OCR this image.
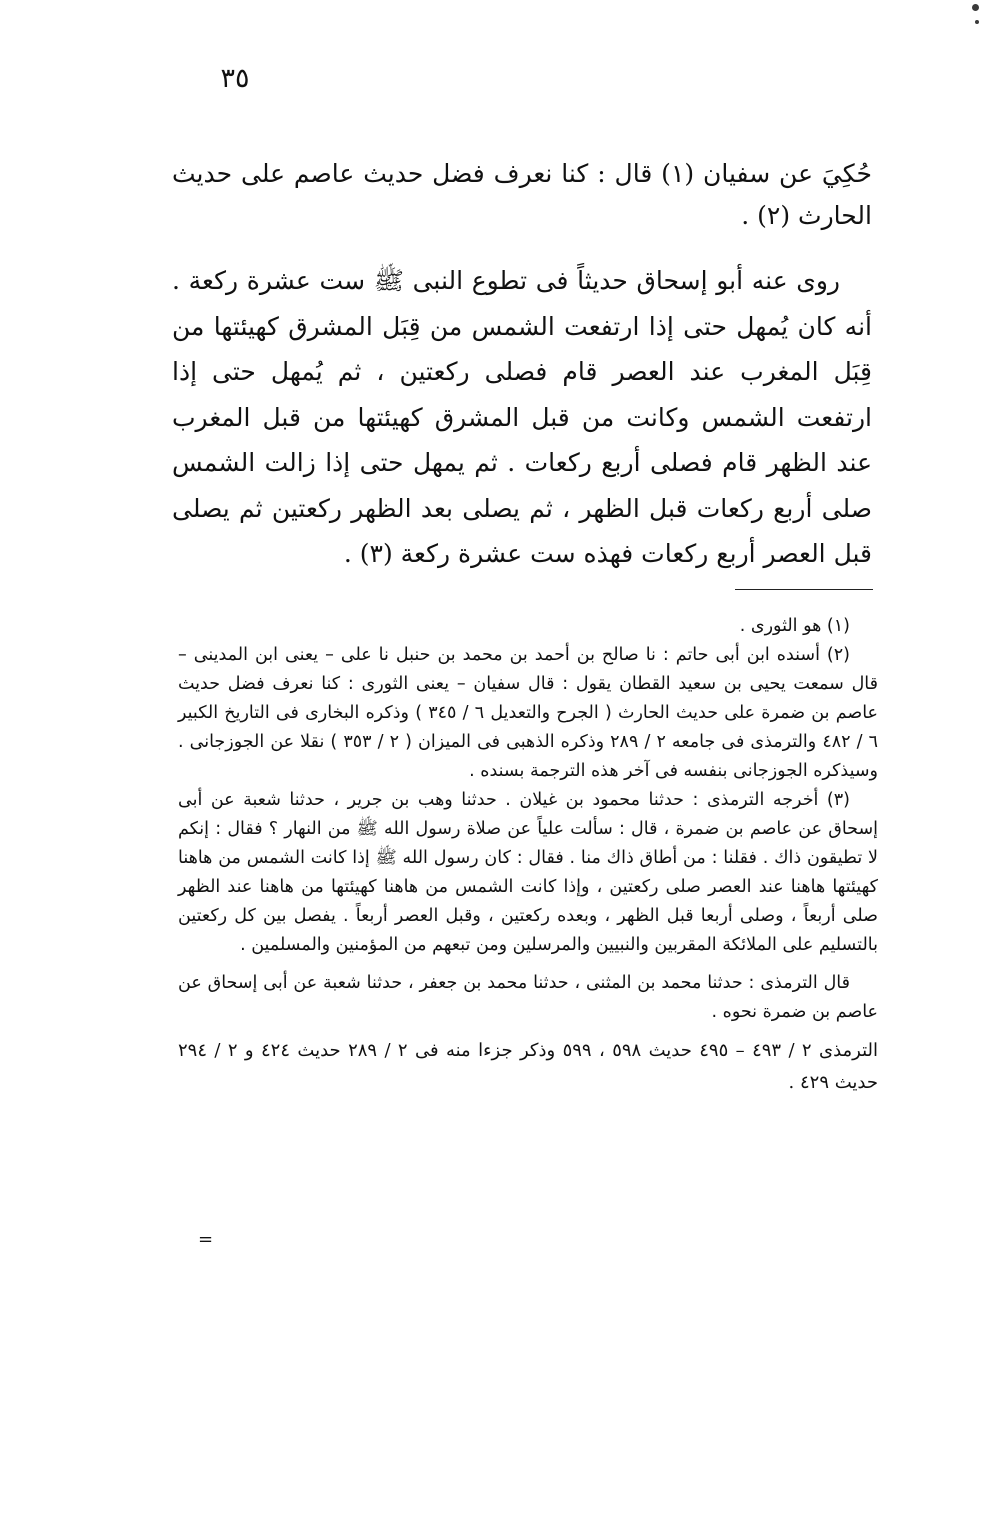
٣٥

حُكِيَ عن سفيان (١) قال : كنا نعرف فضل حديث عاصم على حديث الحارث (٢) .

روى عنه أبو إسحاق حديثاً فى تطوع النبى ﷺ ست عشرة ركعة . أنه كان يُمهل حتى إذا ارتفعت الشمس من قِبَل المشرق كهيئتها من قِبَل المغرب عند العصر قام فصلى ركعتين ، ثم يُمهل حتى إذا ارتفعت الشمس وكانت من قبل المشرق كهيئتها من قبل المغرب عند الظهر قام فصلى أربع ركعات . ثم يمهل حتى إذا زالت الشمس صلى أربع ركعات قبل الظهر ، ثم يصلى بعد الظهر ركعتين ثم يصلى قبل العصر أربع ركعات فهذه ست عشرة ركعة (٣) .

(١) هو الثورى .

(٢) أسنده ابن أبى حاتم : نا صالح بن أحمد بن محمد بن حنبل نا على – يعنى ابن المدينى – قال سمعت يحيى بن سعيد القطان يقول : قال سفيان – يعنى الثورى : كنا نعرف فضل حديث عاصم بن ضمرة على حديث الحارث ( الجرح والتعديل ٦ / ٣٤٥ ) وذكره البخارى فى التاريخ الكبير ٦ / ٤٨٢ والترمذى فى جامعه ٢ / ٢٨٩ وذكره الذهبى فى الميزان ( ٢ / ٣٥٣ ) نقلا عن الجوزجانى . وسيذكره الجوزجانى بنفسه فى آخر هذه الترجمة بسنده .

(٣) أخرجه الترمذى : حدثنا محمود بن غيلان . حدثنا وهب بن جرير ، حدثنا شعبة عن أبى إسحاق عن عاصم بن ضمرة ، قال : سألت علياً عن صلاة رسول الله ﷺ من النهار ؟ فقال : إنكم لا تطيقون ذاك . فقلنا : من أطاق ذاك منا . فقال : كان رسول الله ﷺ إذا كانت الشمس من هاهنا كهيئتها هاهنا عند العصر صلى ركعتين ، وإذا كانت الشمس من هاهنا كهيئتها من هاهنا عند الظهر صلى أربعاً ، وصلى أربعا قبل الظهر ، وبعده ركعتين ، وقبل العصر أربعاً . يفصل بين كل ركعتين بالتسليم على الملائكة المقربين والنبيين والمرسلين ومن تبعهم من المؤمنين والمسلمين .

قال الترمذى : حدثنا محمد بن المثنى ، حدثنا محمد بن جعفر ، حدثنا شعبة عن أبى إسحاق عن عاصم بن ضمرة نحوه .

الترمذى ٢ / ٤٩٣ – ٤٩٥ حديث ٥٩٨ ، ٥٩٩ وذكر جزءا منه فى ٢ / ٢٨٩ حديث ٤٢٤ و ٢ / ٢٩٤ حديث ٤٢٩ .

=
